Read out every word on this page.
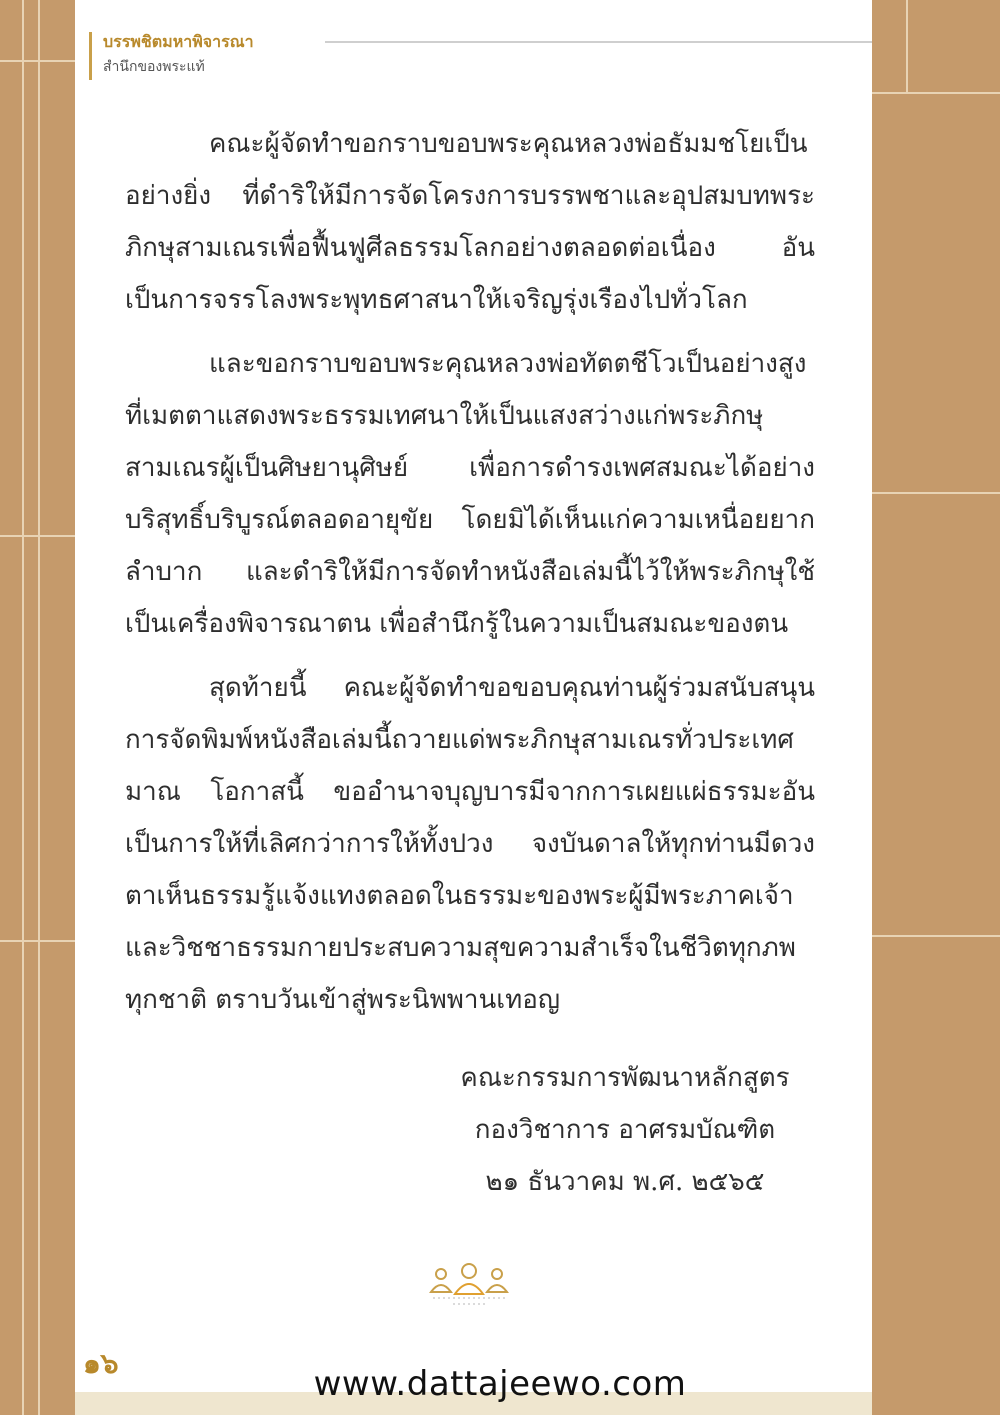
บรรพชิตมหาพิจารณา
สำนึกของพระแท้

คณะผู้จัดทำขอกราบขอบพระคุณหลวงพ่อธัมมชโยเป็นอย่างยิ่ง ที่ดำริให้มีการจัดโครงการบรรพชาและอุปสมบทพระภิกษุสามเณรเพื่อฟื้นฟูศีลธรรมโลกอย่างตลอดต่อเนื่อง อันเป็นการจรรโลงพระพุทธศาสนาให้เจริญรุ่งเรืองไปทั่วโลก

และขอกราบขอบพระคุณหลวงพ่อทัตตชีโวเป็นอย่างสูงที่เมตตาแสดงพระธรรมเทศนาให้เป็นแสงสว่างแก่พระภิกษุสามเณรผู้เป็นศิษยานุศิษย์ เพื่อการดำรงเพศสมณะได้อย่างบริสุทธิ์บริบูรณ์ตลอดอายุขัย โดยมิได้เห็นแก่ความเหนื่อยยากลำบาก และดำริให้มีการจัดทำหนังสือเล่มนี้ไว้ให้พระภิกษุใช้เป็นเครื่องพิจารณาตน เพื่อสำนึกรู้ในความเป็นสมณะของตน

สุดท้ายนี้ คณะผู้จัดทำขอขอบคุณท่านผู้ร่วมสนับสนุนการจัดพิมพ์หนังสือเล่มนี้ถวายแด่พระภิกษุสามเณรทั่วประเทศมาณ โอกาสนี้ ขออำนาจบุญบารมีจากการเผยแผ่ธรรมะอันเป็นการให้ที่เลิศกว่าการให้ทั้งปวง จงบันดาลให้ทุกท่านมีดวงตาเห็นธรรมรู้แจ้งแทงตลอดในธรรมะของพระผู้มีพระภาคเจ้าและวิชชาธรรมกายประสบความสุขความสำเร็จในชีวิตทุกภพทุกชาติ ตราบวันเข้าสู่พระนิพพานเทอญ

คณะกรรมการพัฒนาหลักสูตร
กองวิชาการ อาศรมบัณฑิต
๒๑ ธันวาคม พ.ศ. ๒๕๖๕
๑๖
www.dattajeewo.com
